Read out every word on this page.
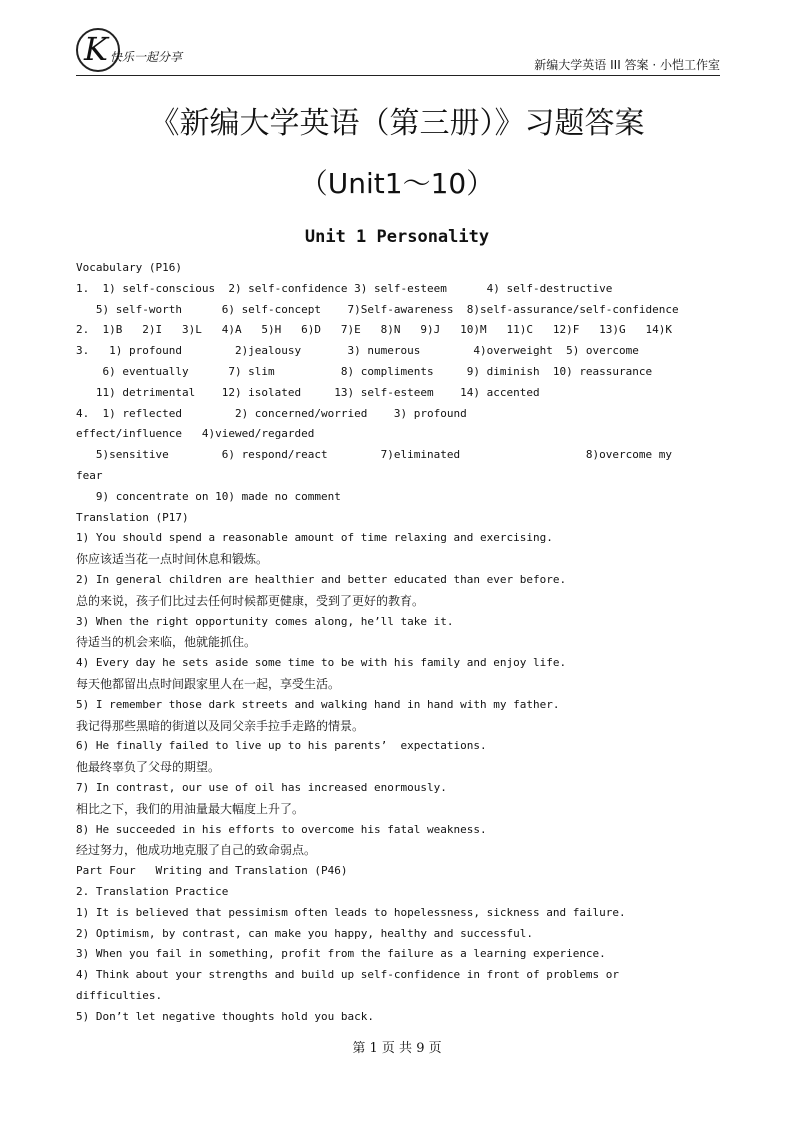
K 快乐一起分享
新编大学英语 III 答案 · 小恺工作室
《新编大学英语（第三册）》习题答案
（Unit1～10）
Unit 1 Personality
Vocabulary (P16)
1.  1) self-conscious  2) self-confidence 3) self-esteem      4) self-destructive
5) self-worth      6) self-concept    7)Self-awareness  8)self-assurance/self-confidence
2.  1)B   2)I   3)L   4)A   5)H   6)D   7)E   8)N   9)J   10)M   11)C   12)F   13)G   14)K
3.   1) profound        2)jealousy       3) numerous        4)overweight  5) overcome
6) eventually      7) slim          8) compliments     9) diminish  10) reassurance
11) detrimental    12) isolated     13) self-esteem    14) accented
4.  1) reflected        2) concerned/worried    3) profound
effect/influence   4)viewed/regarded
5)sensitive        6) respond/react        7)eliminated                   8)overcome my
fear
9) concentrate on 10) made no comment
Translation (P17)
1) You should spend a reasonable amount of time relaxing and exercising.
你应该适当花一点时间休息和锻炼。
2) In general children are healthier and better educated than ever before.
总的来说，孩子们比过去任何时候都更健康，受到了更好的教育。
3) When the right opportunity comes along, he’ll take it.
待适当的机会来临，他就能抓住。
4) Every day he sets aside some time to be with his family and enjoy life.
每天他都留出点时间跟家里人在一起，享受生活。
5) I remember those dark streets and walking hand in hand with my father.
我记得那些黑暗的街道以及同父亲手拉手走路的情景。
6) He finally failed to live up to his parents’  expectations.
他最终辜负了父母的期望。
7) In contrast, our use of oil has increased enormously.
相比之下，我们的用油量最大幅度上升了。
8) He succeeded in his efforts to overcome his fatal weakness.
经过努力，他成功地克服了自己的致命弱点。
Part Four   Writing and Translation (P46)
2. Translation Practice
1) It is believed that pessimism often leads to hopelessness, sickness and failure.
2) Optimism, by contrast, can make you happy, healthy and successful.
3) When you fail in something, profit from the failure as a learning experience.
4) Think about your strengths and build up self-confidence in front of problems or
difficulties.
5) Don’t let negative thoughts hold you back.
第 1 页 共 9 页
